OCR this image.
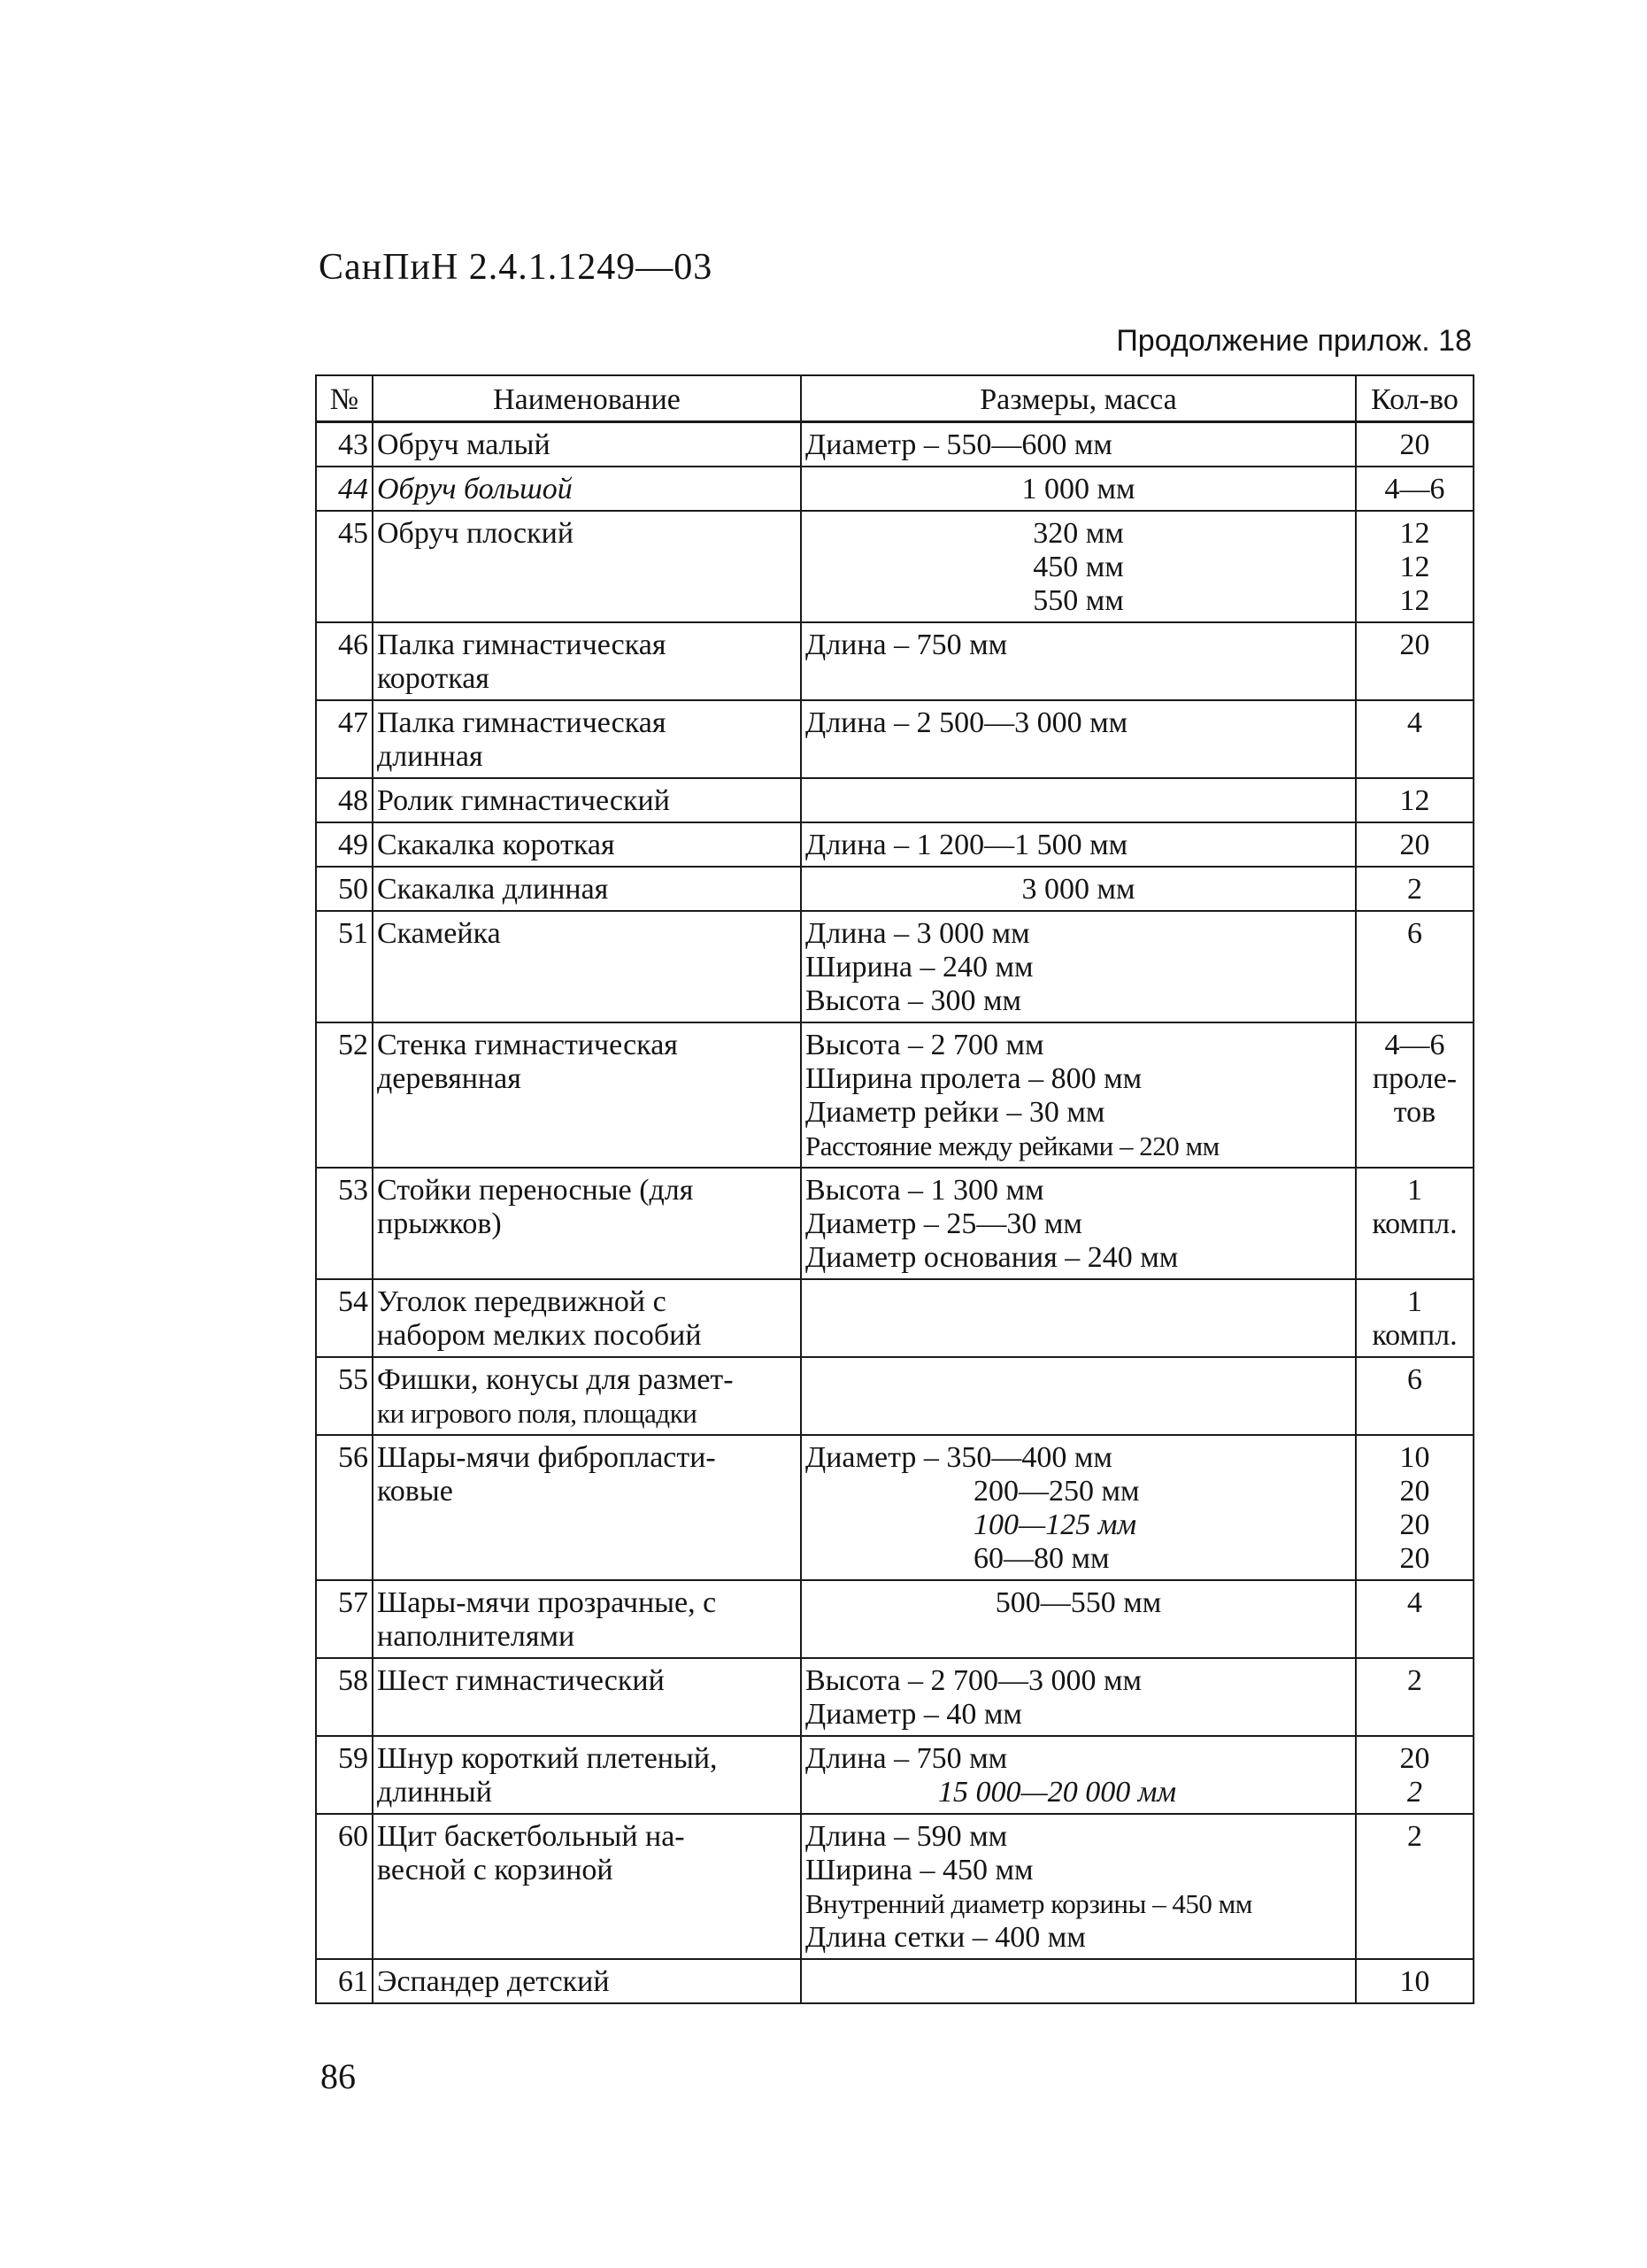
СанПиН 2.4.1.1249—03

Продолжение прилож. 18

№	Наименование	Размеры, масса	Кол-во
43	Обруч малый	Диаметр – 550—600 мм	20

44	Обруч большой	1 000 мм	4—6

45	Обруч плоский	320 мм
450 мм
550 мм	12
12
12

46	Палка гимнастическая
короткая	Длина – 750 мм	20

47	Палка гимнастическая
длинная	Длина – 2 500—3 000 мм	4

48	Ролик гимнастический		12

49	Скакалка короткая	Длина – 1 200—1 500 мм	20

50	Скакалка длинная	3 000 мм	2

51	Скамейка	Длина – 3 000 мм
Ширина – 240 мм
Высота – 300 мм	6

52	Стенка гимнастическая
деревянная	Высота – 2 700 мм
Ширина пролета – 800 мм
Диаметр рейки – 30 мм
Расстояние между рейками – 220 мм	4—6
проле-
тов

53	Стойки переносные (для
прыжков)	Высота – 1 300 мм
Диаметр – 25—30 мм
Диаметр основания – 240 мм	1
компл.

54	Уголок передвижной с
набором мелких пособий		1
компл.

55	Фишки, конусы для размет-
ки игрового поля, площадки		6

56	Шары-мячи фибропласти-
ковые	Диаметр – 350—400 мм
200—250 мм
100—125 мм
60—80 мм	10
20
20
20

57	Шары-мячи прозрачные, с
наполнителями	500—550 мм	4

58	Шест гимнастический	Высота – 2 700—3 000 мм
Диаметр – 40 мм	2

59	Шнур короткий плетеный,
длинный	Длина – 750 мм
15 000—20 000 мм	20
2

60	Щит баскетбольный на-
весной с корзиной	Длина – 590 мм
Ширина – 450 мм
Внутренний диаметр корзины – 450 мм
Длина сетки – 400 мм	2

61	Эспандер детский		10

86
